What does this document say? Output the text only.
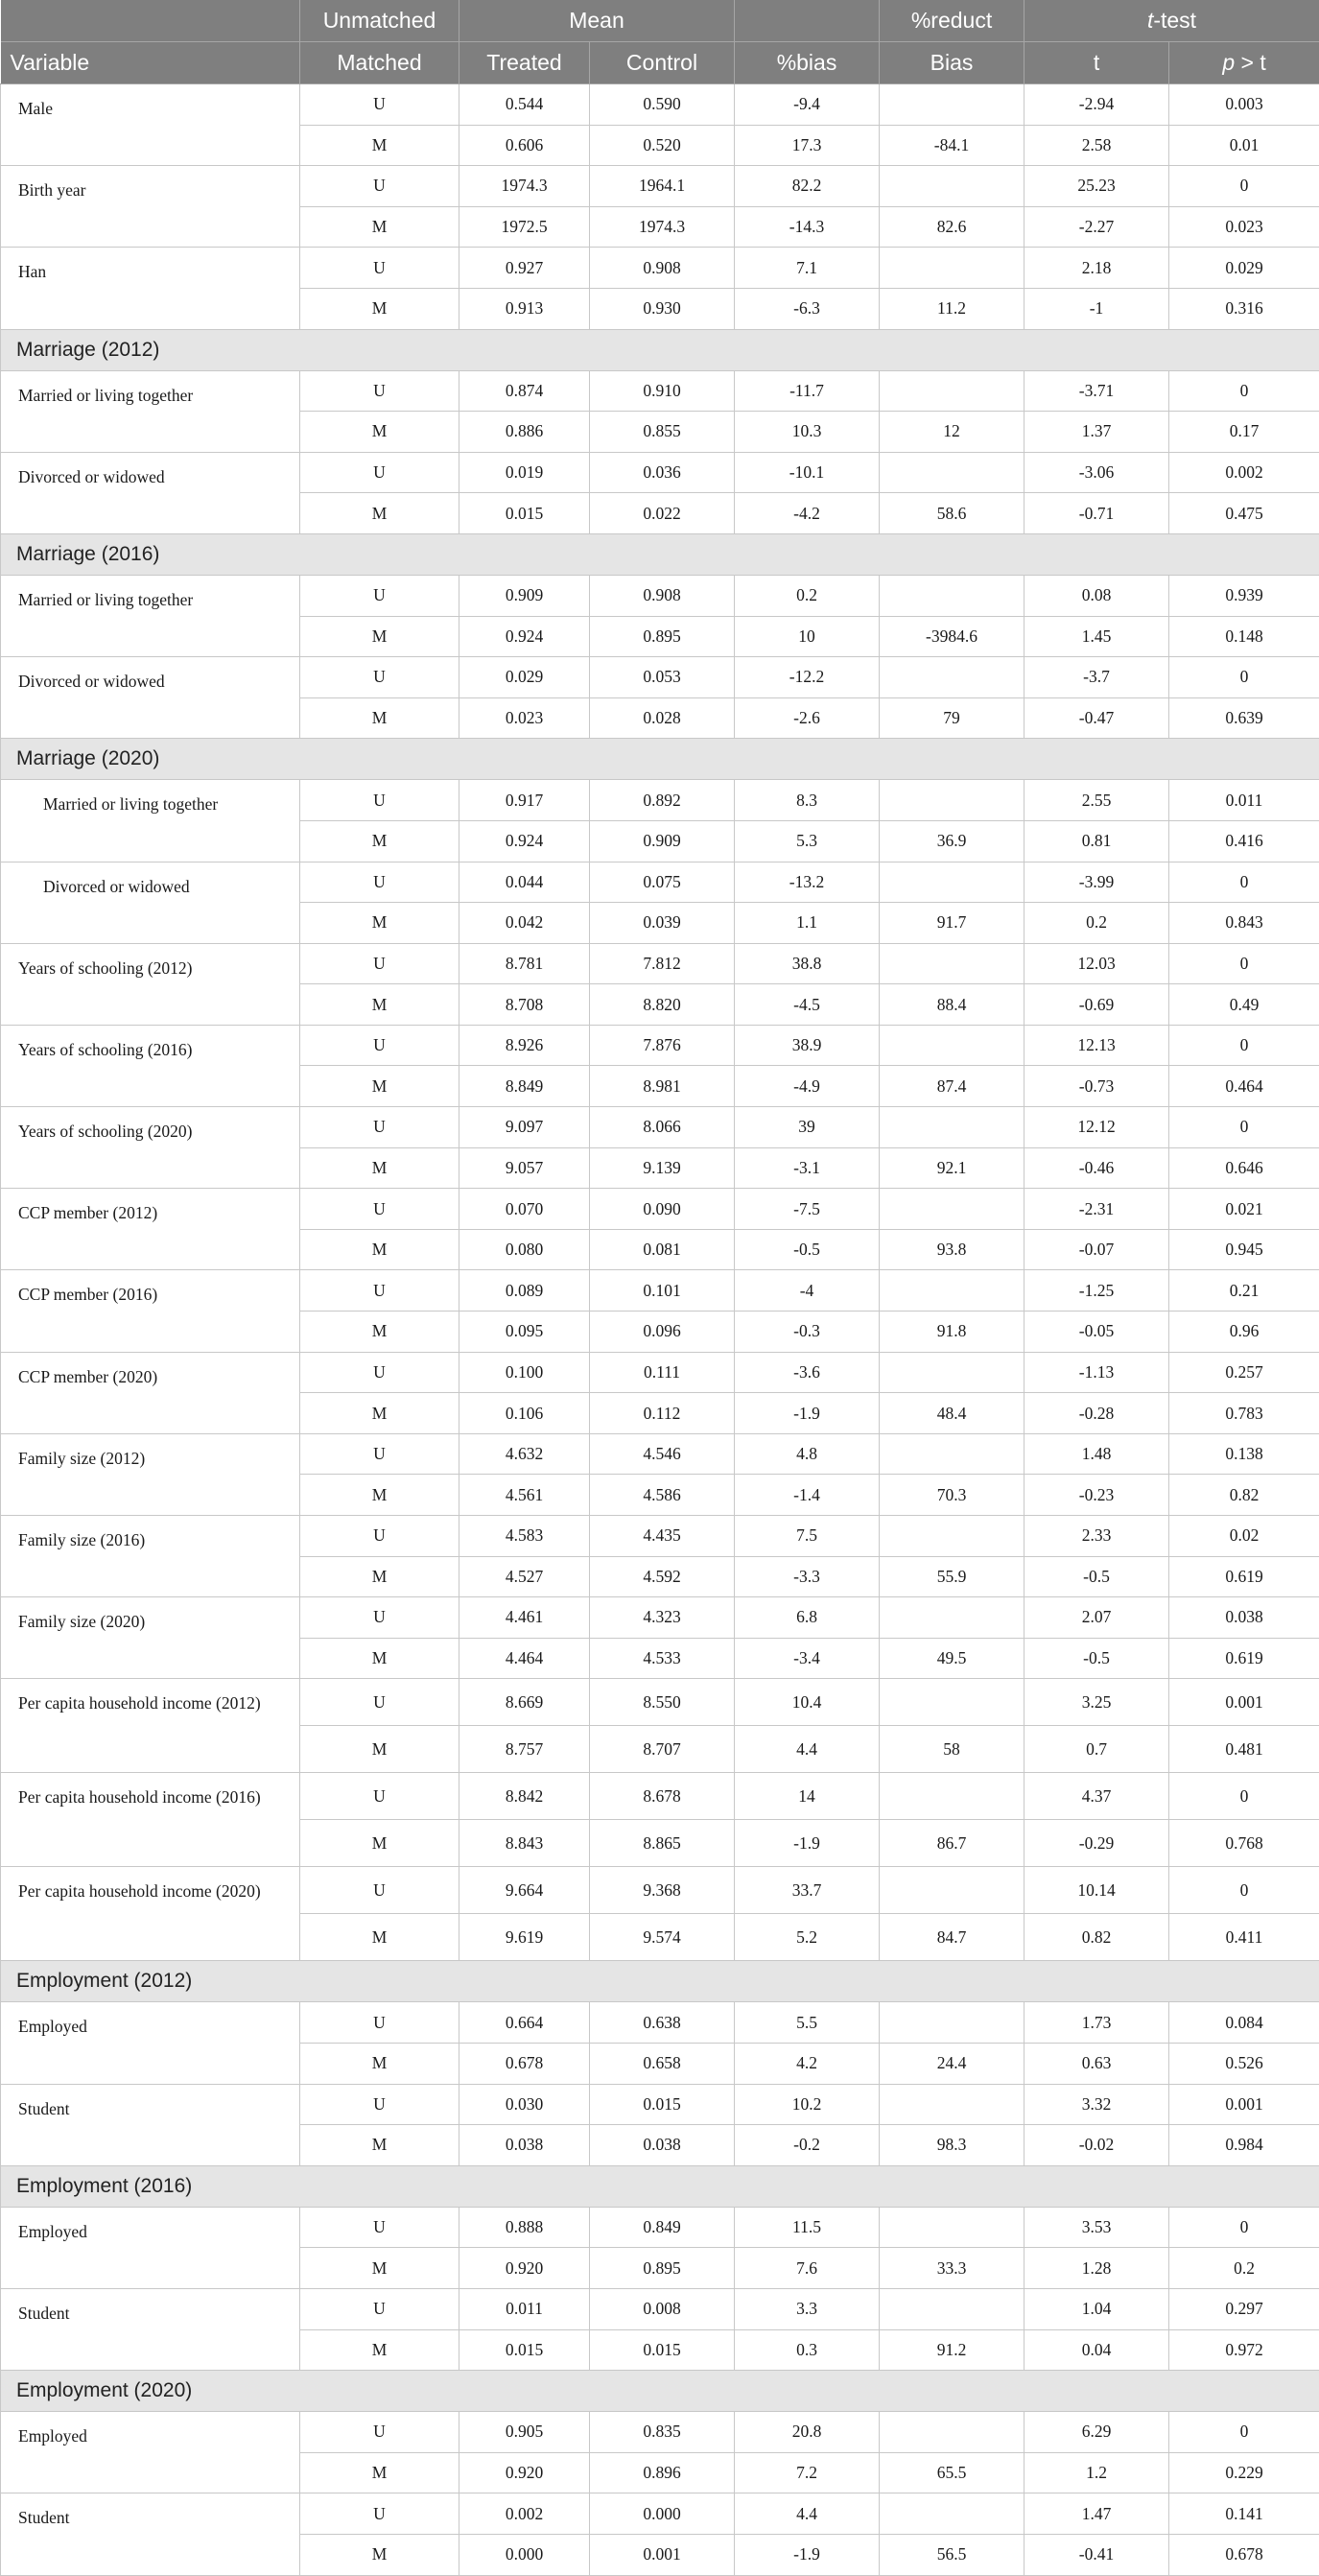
	Unmatched	Mean			%reduct	t-test	
Variable	Matched	Treated	Control	%bias	Bias	t	p > t
Male	U	0.544	0.590	-9.4		-2.94	0.003
	M	0.606	0.520	17.3	-84.1	2.58	0.01
Birth year	U	1974.3	1964.1	82.2		25.23	0
	M	1972.5	1974.3	-14.3	82.6	-2.27	0.023
Han	U	0.927	0.908	7.1		2.18	0.029
	M	0.913	0.930	-6.3	11.2	-1	0.316
Marriage (2012)							
Married or living together	U	0.874	0.910	-11.7		-3.71	0
	M	0.886	0.855	10.3	12	1.37	0.17
Divorced or widowed	U	0.019	0.036	-10.1		-3.06	0.002
	M	0.015	0.022	-4.2	58.6	-0.71	0.475
Marriage (2016)							
Married or living together	U	0.909	0.908	0.2		0.08	0.939
	M	0.924	0.895	10	-3984.6	1.45	0.148
Divorced or widowed	U	0.029	0.053	-12.2		-3.7	0
	M	0.023	0.028	-2.6	79	-0.47	0.639
Marriage (2020)							
Married or living together	U	0.917	0.892	8.3		2.55	0.011
	M	0.924	0.909	5.3	36.9	0.81	0.416
Divorced or widowed	U	0.044	0.075	-13.2		-3.99	0
	M	0.042	0.039	1.1	91.7	0.2	0.843
Years of schooling (2012)	U	8.781	7.812	38.8		12.03	0
	M	8.708	8.820	-4.5	88.4	-0.69	0.49
Years of schooling (2016)	U	8.926	7.876	38.9		12.13	0
	M	8.849	8.981	-4.9	87.4	-0.73	0.464
Years of schooling (2020)	U	9.097	8.066	39		12.12	0
	M	9.057	9.139	-3.1	92.1	-0.46	0.646
CCP member (2012)	U	0.070	0.090	-7.5		-2.31	0.021
	M	0.080	0.081	-0.5	93.8	-0.07	0.945
CCP member (2016)	U	0.089	0.101	-4		-1.25	0.21
	M	0.095	0.096	-0.3	91.8	-0.05	0.96
CCP member (2020)	U	0.100	0.111	-3.6		-1.13	0.257
	M	0.106	0.112	-1.9	48.4	-0.28	0.783
Family size (2012)	U	4.632	4.546	4.8		1.48	0.138
	M	4.561	4.586	-1.4	70.3	-0.23	0.82
Family size (2016)	U	4.583	4.435	7.5		2.33	0.02
	M	4.527	4.592	-3.3	55.9	-0.5	0.619
Family size (2020)	U	4.461	4.323	6.8		2.07	0.038
	M	4.464	4.533	-3.4	49.5	-0.5	0.619
Per capita household income (2012)	U	8.669	8.550	10.4		3.25	0.001
	M	8.757	8.707	4.4	58	0.7	0.481
Per capita household income (2016)	U	8.842	8.678	14		4.37	0
	M	8.843	8.865	-1.9	86.7	-0.29	0.768
Per capita household income (2020)	U	9.664	9.368	33.7		10.14	0
	M	9.619	9.574	5.2	84.7	0.82	0.411
Employment (2012)							
Employed	U	0.664	0.638	5.5		1.73	0.084
	M	0.678	0.658	4.2	24.4	0.63	0.526
Student	U	0.030	0.015	10.2		3.32	0.001
	M	0.038	0.038	-0.2	98.3	-0.02	0.984
Employment (2016)							
Employed	U	0.888	0.849	11.5		3.53	0
	M	0.920	0.895	7.6	33.3	1.28	0.2
Student	U	0.011	0.008	3.3		1.04	0.297
	M	0.015	0.015	0.3	91.2	0.04	0.972
Employment (2020)							
Employed	U	0.905	0.835	20.8		6.29	0
	M	0.920	0.896	7.2	65.5	1.2	0.229
Student	U	0.002	0.000	4.4		1.47	0.141
	M	0.000	0.001	-1.9	56.5	-0.41	0.678
